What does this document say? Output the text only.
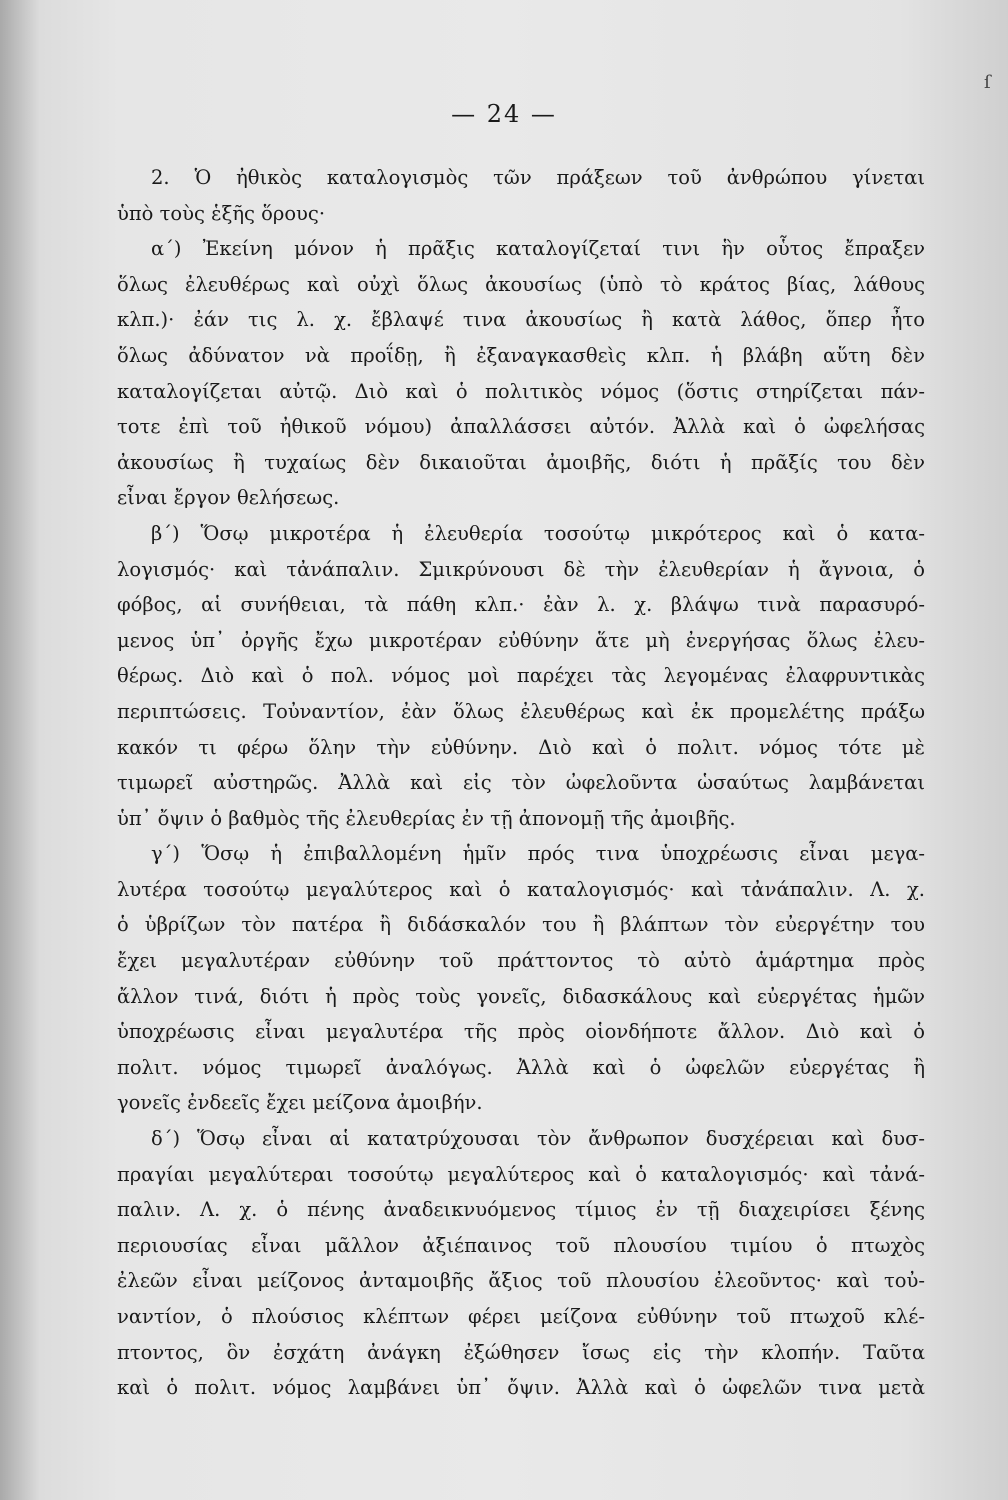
ſ
— 24 —
2. Ὁ ἠθικὸς καταλογισμὸς τῶν πράξεων τοῦ ἀνθρώπου γίνεται
ὑπὸ τοὺς ἑξῆς ὅρους·
α΄) Ἐκείνη μόνον ἡ πρᾶξις καταλογίζεταί τινι ἣν οὗτος ἔπραξεν
ὅλως ἐλευθέρως καὶ οὐχὶ ὅλως ἀκουσίως (ὑπὸ τὸ κράτος βίας, λάθους
κλπ.)· ἐάν τις λ. χ. ἔβλαψέ τινα ἀκουσίως ἢ κατὰ λάθος, ὅπερ ἦτο
ὅλως ἀδύνατον νὰ προΐδῃ, ἢ ἐξαναγκασθεὶς κλπ. ἡ βλάβη αὕτη δὲν
καταλογίζεται αὐτῷ. Διὸ καὶ ὁ πολιτικὸς νόμος (ὅστις στηρίζεται πάν-
τοτε ἐπὶ τοῦ ἠθικοῦ νόμου) ἀπαλλάσσει αὐτόν. Ἀλλὰ καὶ ὁ ὠφελήσας
ἀκουσίως ἢ τυχαίως δὲν δικαιοῦται ἀμοιβῆς, διότι ἡ πρᾶξίς του δὲν
εἶναι ἔργον θελήσεως.
β΄) Ὅσῳ μικροτέρα ἡ ἐλευθερία τοσούτῳ μικρότερος καὶ ὁ κατα-
λογισμός· καὶ τἀνάπαλιν. Σμικρύνουσι δὲ τὴν ἐλευθερίαν ἡ ἄγνοια, ὁ
φόβος, αἱ συνήθειαι, τὰ πάθη κλπ.· ἐὰν λ. χ. βλάψω τινὰ παρασυρό-
μενος ὑπ᾽ ὀργῆς ἔχω μικροτέραν εὐθύνην ἅτε μὴ ἐνεργήσας ὅλως ἐλευ-
θέρως. Διὸ καὶ ὁ πολ. νόμος μοὶ παρέχει τὰς λεγομένας ἐλαφρυντικὰς
περιπτώσεις. Τοὐναντίον, ἐὰν ὅλως ἐλευθέρως καὶ ἐκ προμελέτης πράξω
κακόν τι φέρω ὅλην τὴν εὐθύνην. Διὸ καὶ ὁ πολιτ. νόμος τότε μὲ
τιμωρεῖ αὐστηρῶς. Ἀλλὰ καὶ εἰς τὸν ὠφελοῦντα ὡσαύτως λαμβάνεται
ὑπ᾽ ὄψιν ὁ βαθμὸς τῆς ἐλευθερίας ἐν τῇ ἀπονομῇ τῆς ἀμοιβῆς.
γ΄) Ὅσῳ ἡ ἐπιβαλλομένη ἡμῖν πρός τινα ὑποχρέωσις εἶναι μεγα-
λυτέρα τοσούτῳ μεγαλύτερος καὶ ὁ καταλογισμός· καὶ τἀνάπαλιν. Λ. χ.
ὁ ὑβρίζων τὸν πατέρα ἢ διδάσκαλόν του ἢ βλάπτων τὸν εὐεργέτην του
ἔχει μεγαλυτέραν εὐθύνην τοῦ πράττοντος τὸ αὐτὸ ἁμάρτημα πρὸς
ἄλλον τινά, διότι ἡ πρὸς τοὺς γονεῖς, διδασκάλους καὶ εὐεργέτας ἡμῶν
ὑποχρέωσις εἶναι μεγαλυτέρα τῆς πρὸς οἱονδήποτε ἄλλον. Διὸ καὶ ὁ
πολιτ. νόμος τιμωρεῖ ἀναλόγως. Ἀλλὰ καὶ ὁ ὠφελῶν εὐεργέτας ἢ
γονεῖς ἐνδεεῖς ἔχει μείζονα ἀμοιβήν.
δ΄) Ὅσῳ εἶναι αἱ κατατρύχουσαι τὸν ἄνθρωπον δυσχέρειαι καὶ δυσ-
πραγίαι μεγαλύτεραι τοσούτῳ μεγαλύτερος καὶ ὁ καταλογισμός· καὶ τἀνά-
παλιν. Λ. χ. ὁ πένης ἀναδεικνυόμενος τίμιος ἐν τῇ διαχειρίσει ξένης
περιουσίας εἶναι μᾶλλον ἀξιέπαινος τοῦ πλουσίου τιμίου ὁ πτωχὸς
ἐλεῶν εἶναι μείζονος ἀνταμοιβῆς ἄξιος τοῦ πλουσίου ἐλεοῦντος· καὶ τοὐ-
ναντίον, ὁ πλούσιος κλέπτων φέρει μείζονα εὐθύνην τοῦ πτωχοῦ κλέ-
πτοντος, ὃν ἐσχάτη ἀνάγκη ἐξώθησεν ἴσως εἰς τὴν κλοπήν. Ταῦτα
καὶ ὁ πολιτ. νόμος λαμβάνει ὑπ᾽ ὄψιν. Ἀλλὰ καὶ ὁ ὠφελῶν τινα μετὰ
